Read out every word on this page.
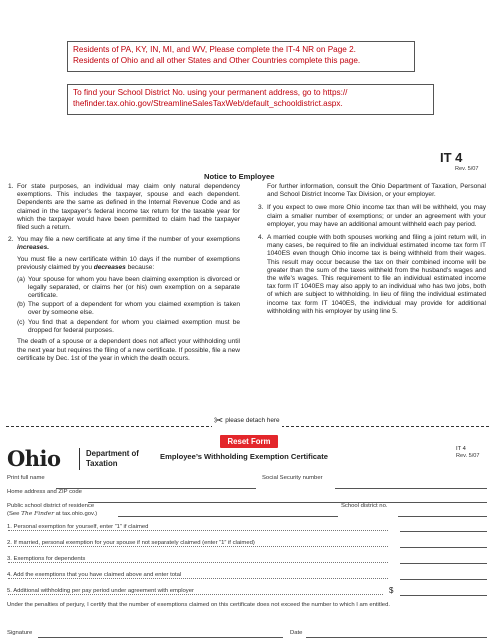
Residents of PA, KY, IN, MI, and WV, Please complete the IT-4 NR on Page 2.
Residents of Ohio and all other States and Other Countries complete this page.
To find your School District No. using your permanent address, go to https://
thefinder.tax.ohio.gov/StreamlineSalesTaxWeb/default_schooldistrict.aspx.
IT 4
Rev. 5/07
Notice to Employee

1. For state purposes, an individual may claim only natural dependency exemptions. This includes the taxpayer, spouse and each dependent. Dependents are the same as defined in the Internal Revenue Code and as claimed in the taxpayer’s federal income tax return for the taxable year for which the taxpayer would have been permitted to claim had the taxpayer filed such a return.

2. You may file a new certificate at any time if the number of your exemptions increases.

You must file a new certificate within 10 days if the number of exemptions previously claimed by you decreases because:

(a) Your spouse for whom you have been claiming exemption is divorced or legally separated, or claims her (or his) own exemption on a separate certificate.

(b) The support of a dependent for whom you claimed exemption is taken over by someone else.

(c) You find that a dependent for whom you claimed exemption must be dropped for federal purposes.

The death of a spouse or a dependent does not affect your withholding until the next year but requires the filing of a new certificate. If possible, file a new certificate by Dec. 1st of the year in which the death occurs.

For further information, consult the Ohio Department of Taxation, Personal and School District Income Tax Division, or your employer.

3. If you expect to owe more Ohio income tax than will be withheld, you may claim a smaller number of exemptions; or under an agreement with your employer, you may have an additional amount withheld each pay period.

4. A married couple with both spouses working and filing a joint return will, in many cases, be required to file an individual estimated income tax form IT 1040ES even though Ohio income tax is being withheld from their wages. This result may occur because the tax on their combined income will be greater than the sum of the taxes withheld from the husband’s wages and the wife’s wages. This requirement to file an individual estimated income tax form IT 1040ES may also apply to an individual who has two jobs, both of which are subject to withholding. In lieu of filing the individual estimated income tax form IT 1040ES, the individual may provide for additional withholding with his employer by using line 5.

✂ please detach here
Reset Form
Ohio	Department of
Taxation
Employee’s Withholding Exemption Certificate
IT 4
Rev. 5/07
Print full name	Social Security number
Home address and ZIP code
Public school district of residence	School district no.
(See The Finder at tax.ohio.gov.)
1. Personal exemption for yourself, enter “1” if claimed
2. If married, personal exemption for your spouse if not separately claimed (enter “1” if claimed)
3. Exemptions for dependents
4. Add the exemptions that you have claimed above and enter total
5. Additional withholding per pay period under agreement with employer	$
Under the penalties of perjury, I certify that the number of exemptions claimed on this certificate does not exceed the number to which I am entitled.
Signature	Date
